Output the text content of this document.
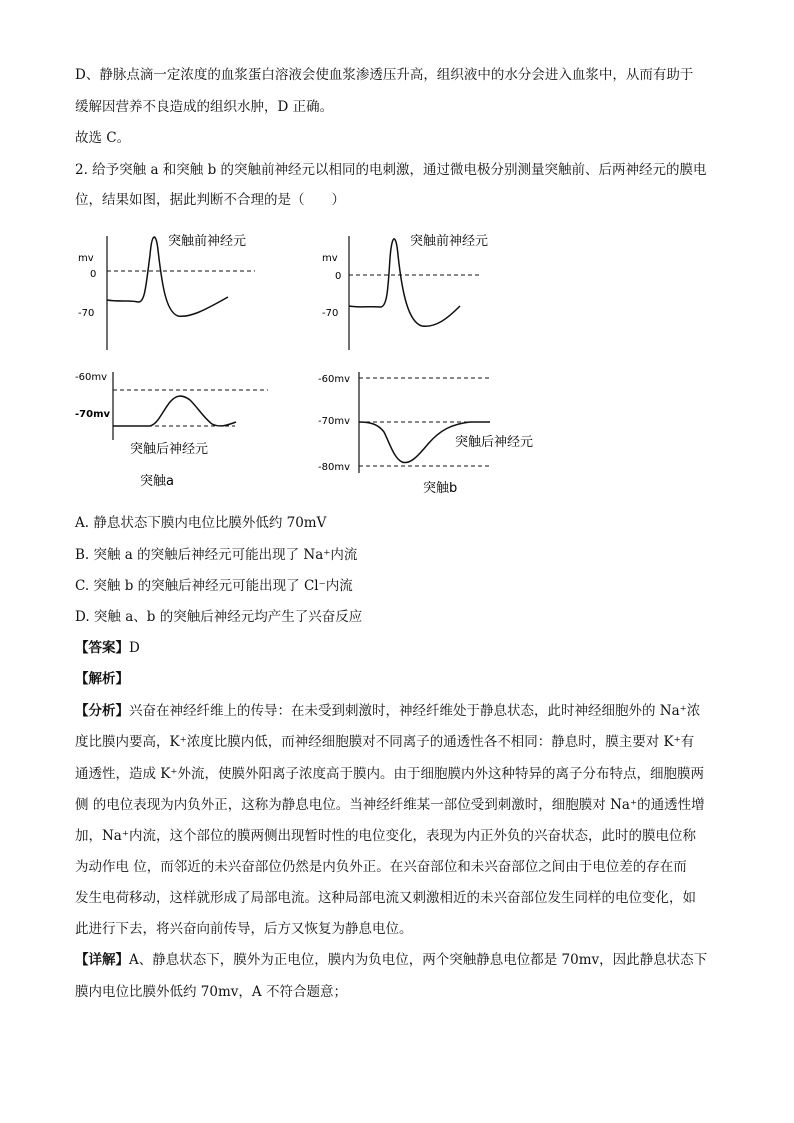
D、静脉点滴一定浓度的血浆蛋白溶液会使血浆渗透压升高，组织液中的水分会进入血浆中，从而有助于
缓解因营养不良造成的组织水肿，D 正确。
故选 C。
2. 给予突触 a 和突触 b 的突触前神经元以相同的电刺激，通过微电极分别测量突触前、后两神经元的膜电
位，结果如图，据此判断不合理的是（　　）
突触前神经元
mv
0
-70
突触前神经元
mv
0
-70
-60mv
-70mv
突触后神经元
突触a
-60mv
-70mv
-80mv
突触后神经元
突触b
A. 静息状态下膜内电位比膜外低约 70mV
B. 突触 a 的突触后神经元可能出现了 Na⁺内流
C. 突触 b 的突触后神经元可能出现了 Cl⁻内流
D. 突触 a、b 的突触后神经元均产生了兴奋反应
【答案】D
【解析】
【分析】兴奋在神经纤维上的传导：在未受到刺激时，神经纤维处于静息状态，此时神经细胞外的 Na⁺浓
度比膜内要高，K⁺浓度比膜内低，而神经细胞膜对不同离子的通透性各不相同：静息时，膜主要对 K⁺有
通透性，造成 K⁺外流，使膜外阳离子浓度高于膜内。由于细胞膜内外这种特异的离子分布特点，细胞膜两
侧 的电位表现为内负外正，这称为静息电位。当神经纤维某一部位受到刺激时，细胞膜对 Na⁺的通透性增
加，Na⁺内流，这个部位的膜两侧出现暂时性的电位变化，表现为内正外负的兴奋状态，此时的膜电位称
为动作电 位，而邻近的未兴奋部位仍然是内负外正。在兴奋部位和未兴奋部位之间由于电位差的存在而
发生电荷移动，这样就形成了局部电流。这种局部电流又刺激相近的未兴奋部位发生同样的电位变化，如
此进行下去，将兴奋向前传导，后方又恢复为静息电位。
【详解】A、静息状态下，膜外为正电位，膜内为负电位，两个突触静息电位都是 70mv，因此静息状态下
膜内电位比膜外低约 70mv，A 不符合题意；
